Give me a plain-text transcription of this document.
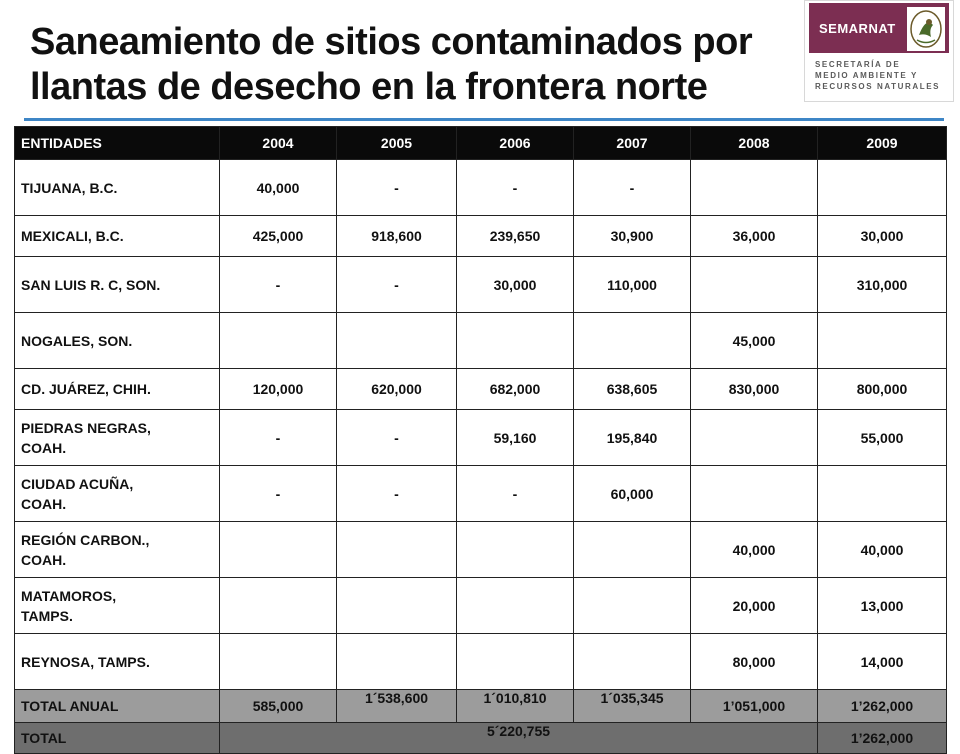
Saneamiento de sitios contaminados por
llantas de desecho en la frontera norte
SEMARNAT
SECRETARÍA DE
MEDIO AMBIENTE Y
RECURSOS NATURALES
ENTIDADES	2004	2005	2006	2007	2008	2009
TIJUANA, B.C.	40,000	-	-	-		
MEXICALI, B.C.	425,000	918,600	239,650	30,900	36,000	30,000
SAN LUIS R. C, SON.	-	-	30,000	110,000		310,000
NOGALES, SON.					45,000	
CD. JUÁREZ, CHIH.	120,000	620,000	682,000	638,605	830,000	800,000
PIEDRAS NEGRAS,
COAH.	-	-	59,160	195,840		55,000
CIUDAD ACUÑA,
COAH.	-	-	-	60,000		
REGIÓN CARBON.,
COAH.					40,000	40,000
MATAMOROS,
TAMPS.					20,000	13,000
REYNOSA, TAMPS.					80,000	14,000
TOTAL ANUAL	585,000	1´538,600	1´010,810	1´035,345	1’051,000	1’262,000
TOTAL	5´220,755					1’262,000
